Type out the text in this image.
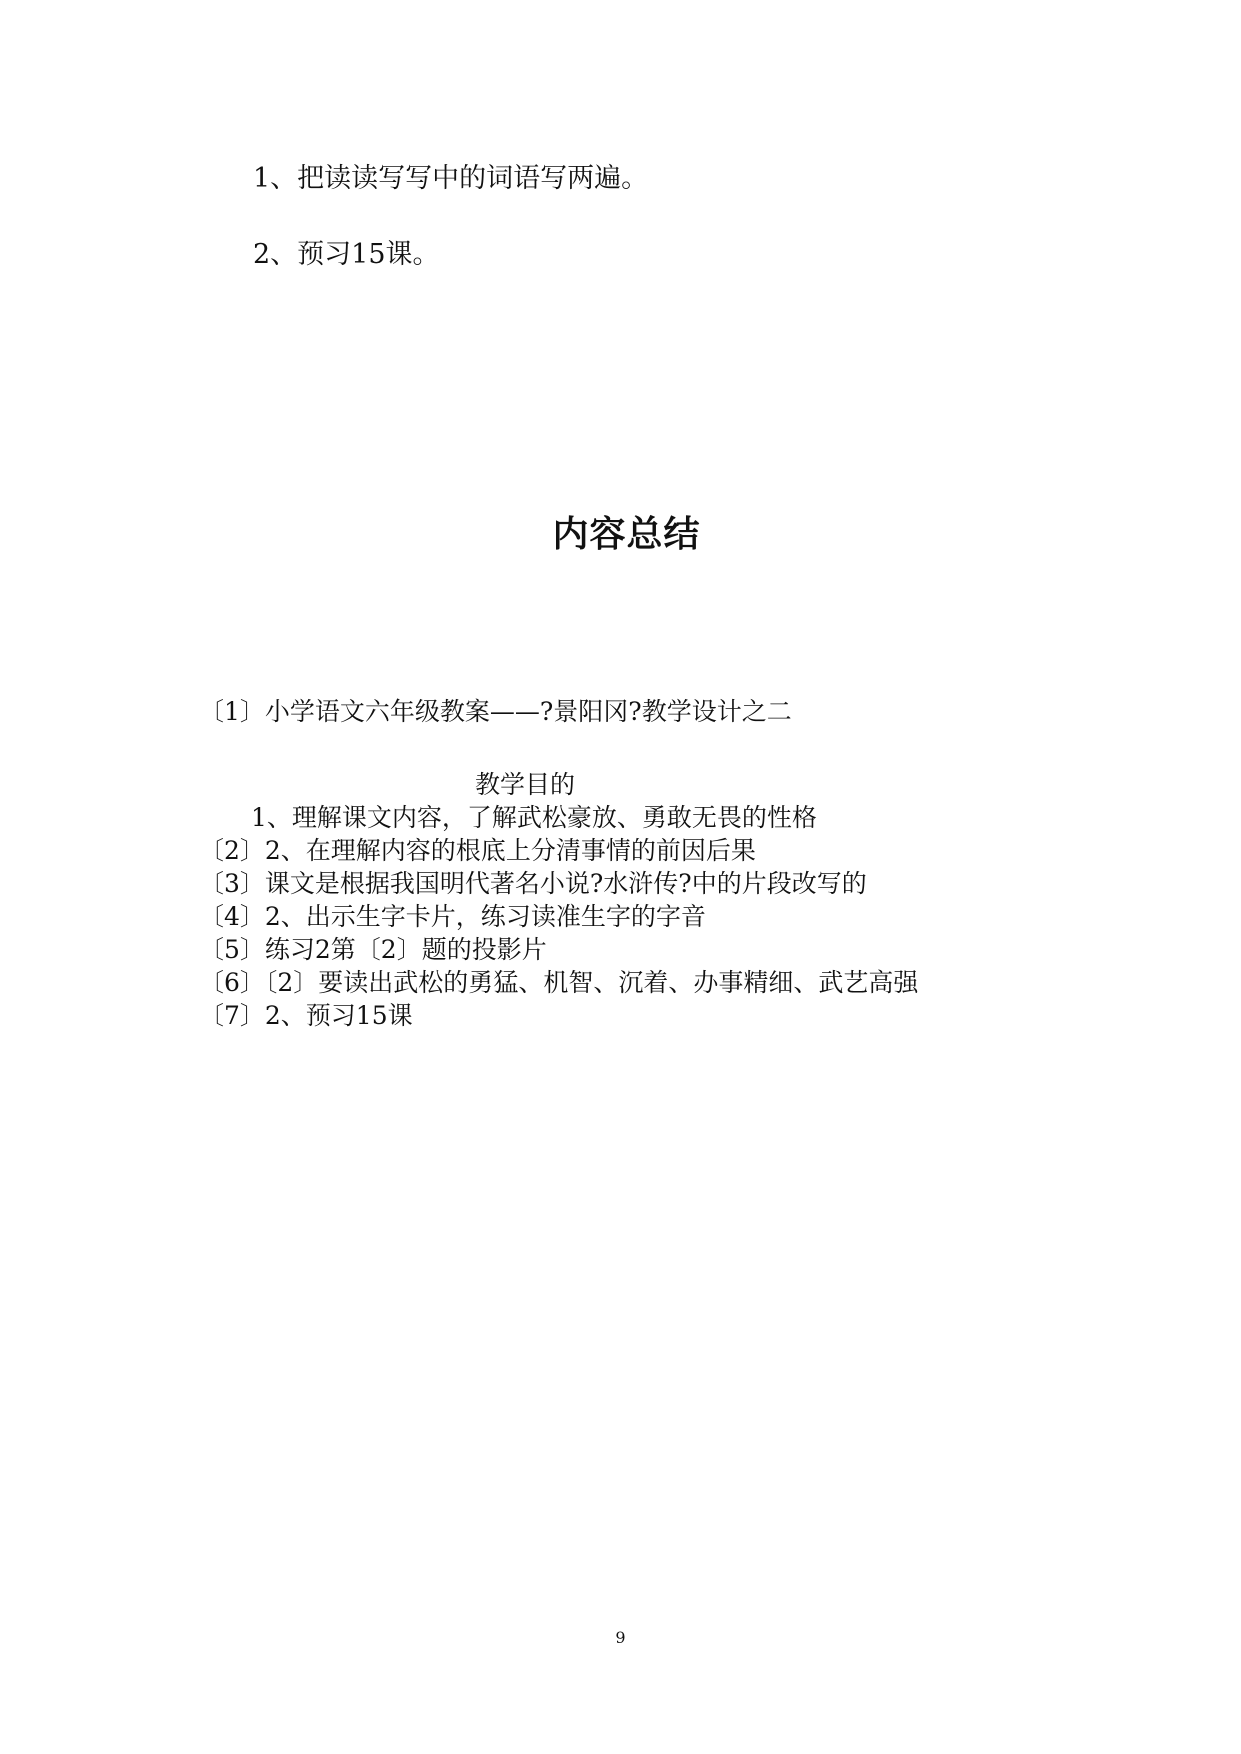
1、把读读写写中的词语写两遍。
2、预习15课。
内容总结
〔1〕小学语文六年级教案——?景阳冈?教学设计之二
教学目的
1、理解课文内容，了解武松豪放、勇敢无畏的性格
〔2〕2、在理解内容的根底上分清事情的前因后果
〔3〕课文是根据我国明代著名小说?水浒传?中的片段改写的
〔4〕2、出示生字卡片，练习读准生字的字音
〔5〕练习2第〔2〕题的投影片
〔6〕〔2〕要读出武松的勇猛、机智、沉着、办事精细、武艺高强
〔7〕2、预习15课
9
